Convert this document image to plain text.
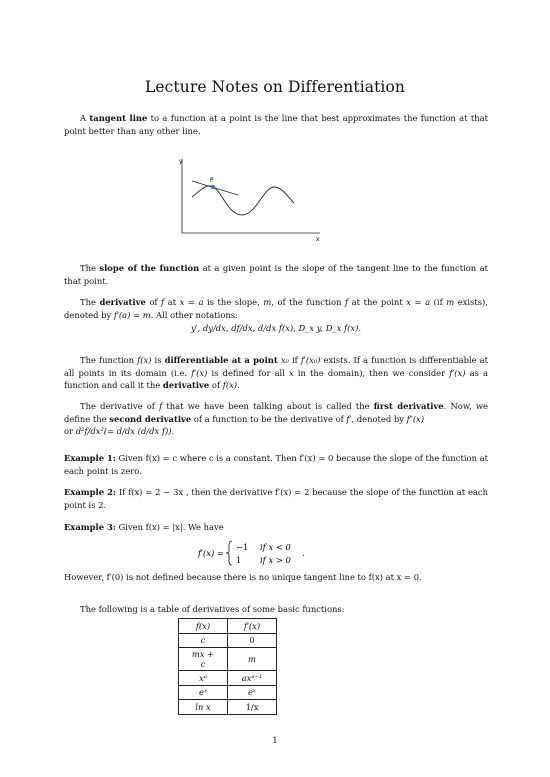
Lecture Notes on Differentiation
A tangent line to a function at a point is the line that best approximates the function at that point better than any other line.
y
x
P
The slope of the function at a given point is the slope of the tangent line to the function at that point.
The derivative of f at x = a is the slope, m, of the function f at the point x = a (if m exists), denoted by f′(a) = m. All other notations:
y′, dy/dx, df/dx, d/dx f(x), D_x y, D_x f(x).
The function f(x) is differentiable at a point x₀ if f′(x₀) exists. If a function is differentiable at all points in its domain (i.e. f′(x) is defined for all x in the domain), then we consider f′(x) as a function and call it the derivative of f(x).
The derivative of f that we have been talking about is called the first derivative. Now, we define the second derivative of a function to be the derivative of f′, denoted by f″(x)
or d²f/dx²(= d/dx (d/dx f)).
Example 1: Given f(x) = c where c is a constant. Then f′(x) = 0 because the slope of the function at each point is zero.
Example 2: If f(x) = 2 − 3x , then the derivative f′(x) = 2 because the slope of the function at each point is 2.
Example 3: Given f(x) = |x|. We have
f′(x) =
−1 if x < 0
1 if x > 0
.
However, f′(0) is not defined because there is no unique tangent line to f(x) at x = 0.
The following is a table of derivatives of some basic functions:
f(x)	f′(x)
c	0
mx + c	m
xᵃ	axᵃ⁻¹
eˣ	eˣ
ln x	1/x
1
